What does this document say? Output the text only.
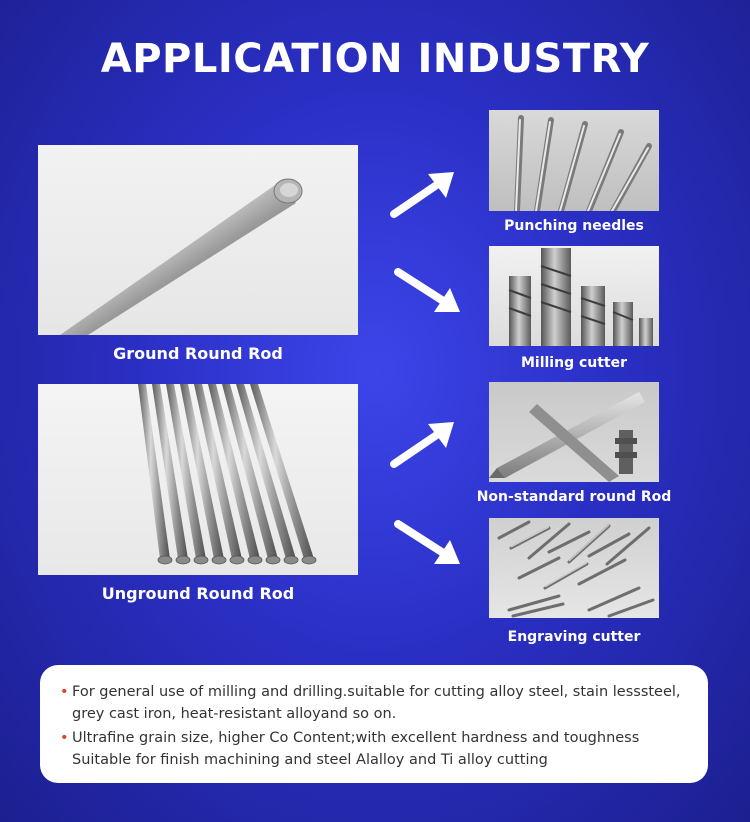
APPLICATION INDUSTRY
Ground Round Rod
Unground Round Rod
Punching needles
Milling cutter
Non-standard round Rod
Engraving cutter
• For general use of milling and drilling.suitable for cutting alloy steel, stain lesssteel,
grey cast iron, heat-resistant alloyand so on.
• Ultrafine grain size, higher Co Content;with excellent hardness and toughness
Suitable for finish machining and steel Alalloy and Ti alloy cutting
